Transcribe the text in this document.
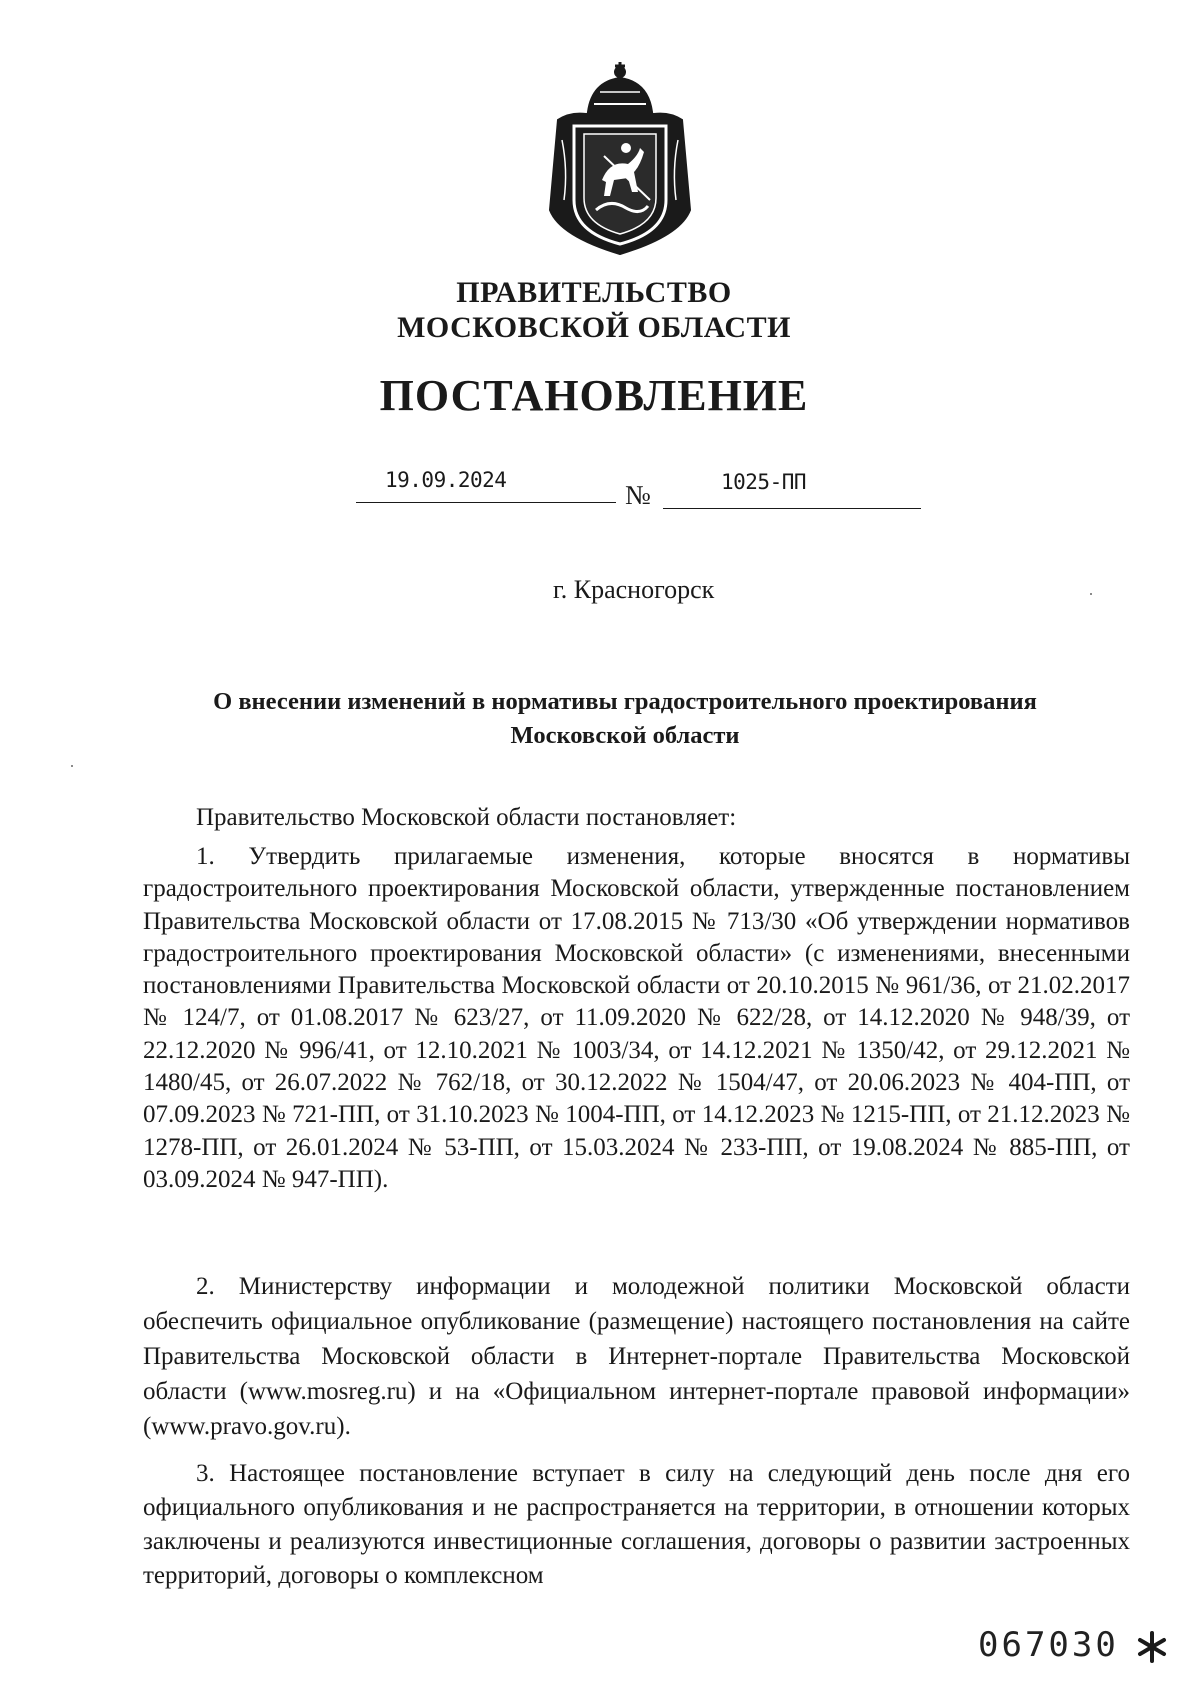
ПРАВИТЕЛЬСТВО
МОСКОВСКОЙ ОБЛАСТИ
ПОСТАНОВЛЕНИЕ
19.09.2024	№	1025-ПП
г. Красногорск
О внесении изменений в нормативы градостроительного проектирования
Московской области
Правительство Московской области постановляет:

1. Утвердить прилагаемые изменения, которые вносятся в нормативы градостроительного проектирования Московской области, утвержденные постановлением Правительства Московской области от 17.08.2015 № 713/30 «Об утверждении нормативов градостроительного проектирования Московской области» (с изменениями, внесенными постановлениями Правительства Московской области от 20.10.2015 № 961/36, от 21.02.2017 № 124/7, от 01.08.2017 № 623/27, от 11.09.2020 № 622/28, от 14.12.2020 № 948/39, от 22.12.2020 № 996/41, от 12.10.2021 № 1003/34, от 14.12.2021 № 1350/42, от 29.12.2021 № 1480/45, от 26.07.2022 № 762/18, от 30.12.2022 № 1504/47, от 20.06.2023 № 404-ПП, от 07.09.2023 № 721-ПП, от 31.10.2023 № 1004-ПП, от 14.12.2023 № 1215-ПП, от 21.12.2023 № 1278-ПП, от 26.01.2024 № 53-ПП, от 15.03.2024 № 233-ПП, от 19.08.2024 № 885-ПП, от 03.09.2024 № 947-ПП).

2. Министерству информации и молодежной политики Московской области обеспечить официальное опубликование (размещение) настоящего постановления на сайте Правительства Московской области в Интернет-портале Правительства Московской области (www.mosreg.ru) и на «Официальном интернет-портале правовой информации» (www.pravo.gov.ru).

3. Настоящее постановление вступает в силу на следующий день после дня его официального опубликования и не распространяется на территории, в отношении которых заключены и реализуются инвестиционные соглашения, договоры о развитии застроенных территорий, договоры о комплексном

067030
